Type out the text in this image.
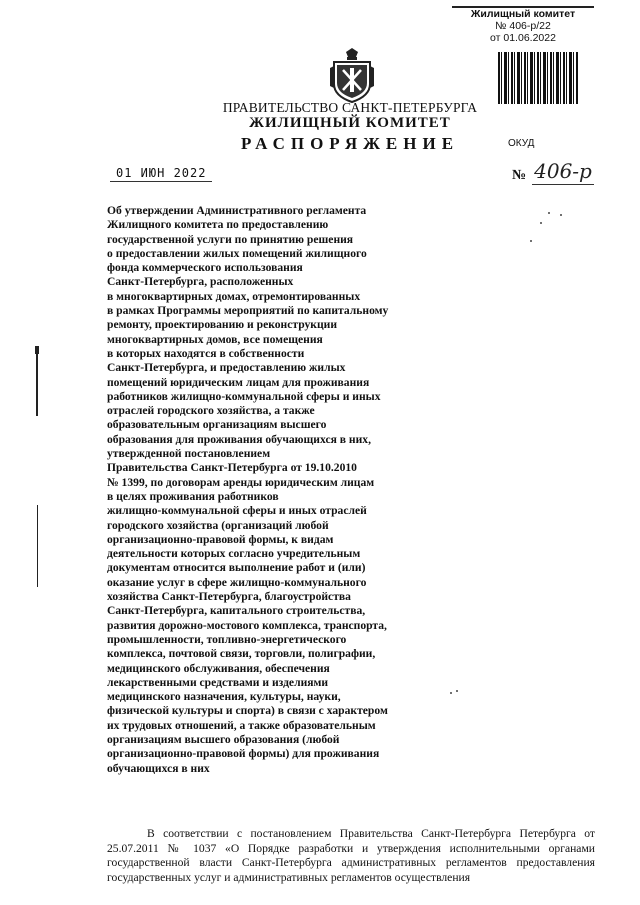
Жилищный комитет
№ 406-р/22
от 01.06.2022
ПРАВИТЕЛЬСТВО САНКТ-ПЕТЕРБУРГА
ЖИЛИЩНЫЙ КОМИТЕТ
РАСПОРЯЖЕНИЕ	ОКУД
01 ИЮН 2022	№ 406-р
Об утверждении Административного регламента
Жилищного комитета по предоставлению
государственной услуги по принятию решения
о предоставлении жилых помещений жилищного
фонда коммерческого использования
Санкт-Петербурга, расположенных
в многоквартирных домах, отремонтированных
в рамках Программы мероприятий по капитальному
ремонту, проектированию и реконструкции
многоквартирных домов, все помещения
в которых находятся в собственности
Санкт-Петербурга, и предоставлению жилых
помещений юридическим лицам для проживания
работников жилищно-коммунальной сферы и иных
отраслей городского хозяйства, а также
образовательным организациям высшего
образования для проживания обучающихся в них,
утвержденной постановлением
Правительства Санкт-Петербурга от 19.10.2010
№ 1399, по договорам аренды юридическим лицам
в целях проживания работников
жилищно-коммунальной сферы и иных отраслей
городского хозяйства (организаций любой
организационно-правовой формы, к видам
деятельности которых согласно учредительным
документам относится выполнение работ и (или)
оказание услуг в сфере жилищно-коммунального
хозяйства Санкт-Петербурга, благоустройства
Санкт-Петербурга, капитального строительства,
развития дорожно-мостового комплекса, транспорта,
промышленности, топливно-энергетического
комплекса, почтовой связи, торговли, полиграфии,
медицинского обслуживания, обеспечения
лекарственными средствами и изделиями
медицинского назначения, культуры, науки,
физической культуры и спорта) в связи с характером
их трудовых отношений, а также образовательным
организациям высшего образования (любой
организационно-правовой формы) для проживания
обучающихся в них
В соответствии с постановлением Правительства Санкт-Петербурга Петербурга от 25.07.2011 № 1037 «О Порядке разработки и утверждения исполнительными органами государственной власти Санкт-Петербурга административных регламентов предоставления государственных услуг и административных регламентов осуществления
